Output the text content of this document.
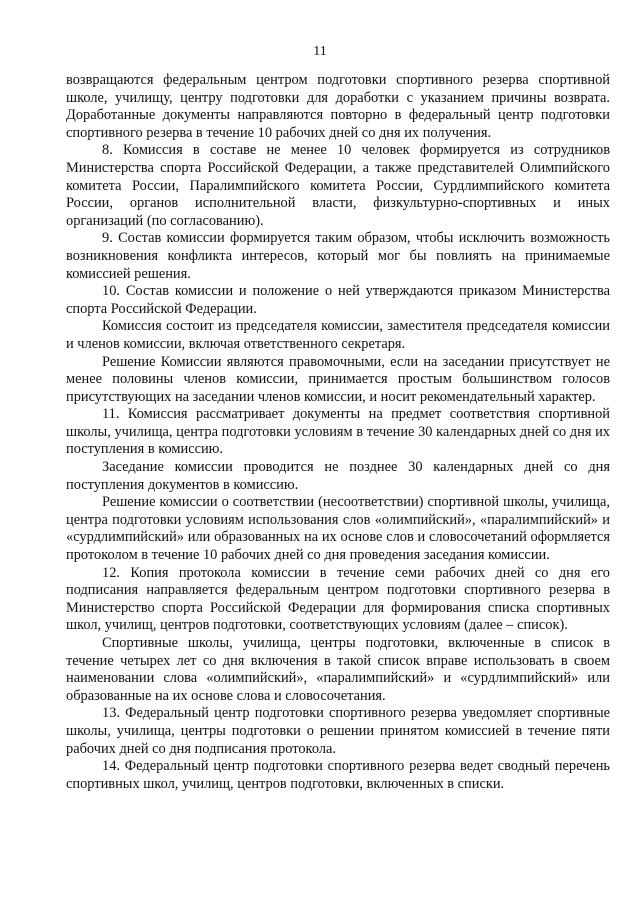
11

возвращаются федеральным центром подготовки спортивного резерва спортивной школе, училищу, центру подготовки для доработки с указанием причины возврата. Доработанные документы направляются повторно в федеральный центр подготовки спортивного резерва в течение 10 рабочих дней со дня их получения.

8. Комиссия в составе не менее 10 человек формируется из сотрудников Министерства спорта Российской Федерации, а также представителей Олимпийского комитета России, Паралимпийского комитета России, Сурдлимпийского комитета России, органов исполнительной власти, физкультурно-спортивных и иных организаций (по согласованию).

9. Состав комиссии формируется таким образом, чтобы исключить возможность возникновения конфликта интересов, который мог бы повлиять на принимаемые комиссией решения.

10. Состав комиссии и положение о ней утверждаются приказом Министерства спорта Российской Федерации.

Комиссия состоит из председателя комиссии, заместителя председателя комиссии и членов комиссии, включая ответственного секретаря.

Решение Комиссии являются правомочными, если на заседании присутствует не менее половины членов комиссии, принимается простым большинством голосов присутствующих на заседании членов комиссии, и носит рекомендательный характер.

11. Комиссия рассматривает документы на предмет соответствия спортивной школы, училища, центра подготовки условиям в течение 30 календарных дней со дня их поступления в комиссию.

Заседание комиссии проводится не позднее 30 календарных дней со дня поступления документов в комиссию.

Решение комиссии о соответствии (несоответствии) спортивной школы, училища, центра подготовки условиям использования слов «олимпийский», «паралимпийский» и «сурдлимпийский» или образованных на их основе слов и словосочетаний оформляется протоколом в течение 10 рабочих дней со дня проведения заседания комиссии.

12. Копия протокола комиссии в течение семи рабочих дней со дня его подписания направляется федеральным центром подготовки спортивного резерва в Министерство спорта Российской Федерации для формирования списка спортивных школ, училищ, центров подготовки, соответствующих условиям (далее – список).

Спортивные школы, училища, центры подготовки, включенные в список в течение четырех лет со дня включения в такой список вправе использовать в своем наименовании слова «олимпийский», «паралимпийский» и «сурдлимпийский» или образованные на их основе слова и словосочетания.

13. Федеральный центр подготовки спортивного резерва уведомляет спортивные школы, училища, центры подготовки о решении принятом комиссией в течение пяти рабочих дней со дня подписания протокола.

14. Федеральный центр подготовки спортивного резерва ведет сводный перечень спортивных школ, училищ, центров подготовки, включенных в списки.
